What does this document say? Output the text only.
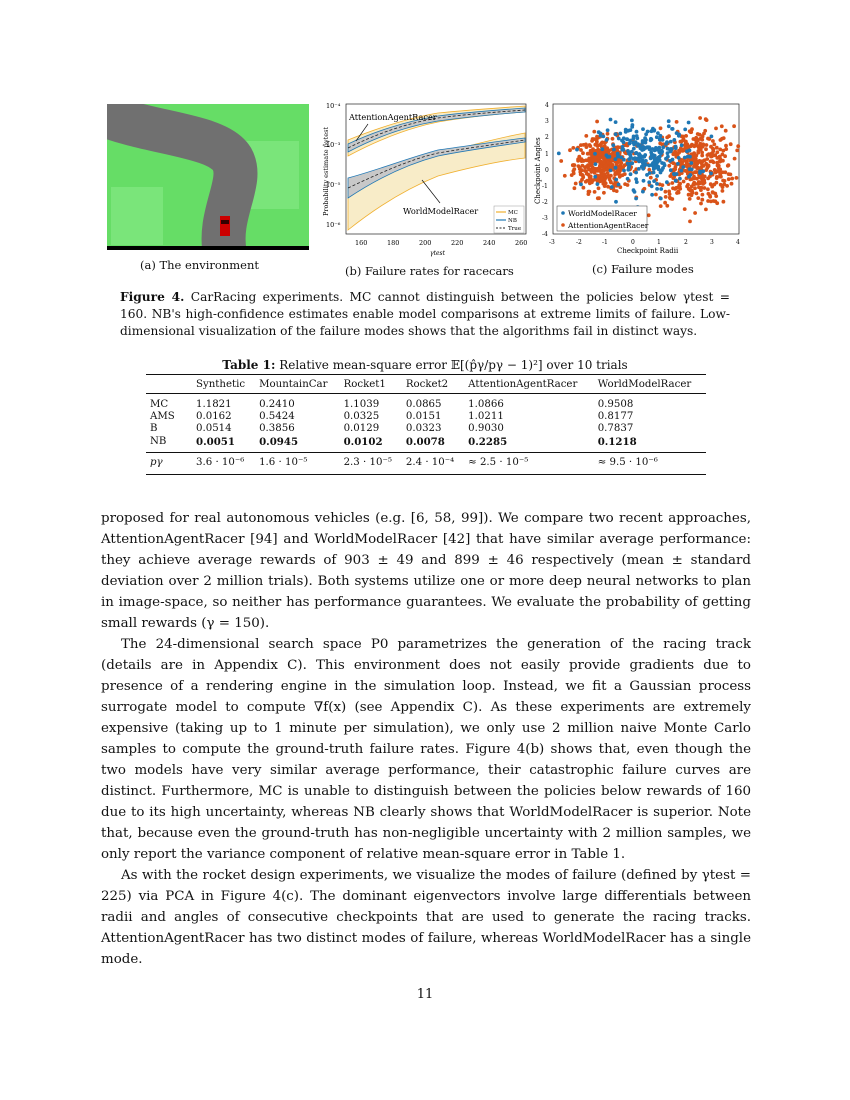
(a) The environment
AttentionAgentRacer
WorldModelRacer	MC
NB
True
10⁻⁴
10⁻³
10⁻⁵
10⁻⁶
160	180	200	220	240	260
γtest
Probability estimate p̂γtest
(b) Failure rates for racecars
WorldModelRacer
AttentionAgentRacer
4
3
2
1
0
-1
-2
-3
-4
-3	-2	-1	0	1	2	3	4
Checkpoint Radii
Checkpoint Angles
(c) Failure modes
Figure 4. CarRacing experiments. MC cannot distinguish between the policies below γtest = 160. NB's high-confidence estimates enable model comparisons at extreme limits of failure. Low-dimensional visualization of the failure modes shows that the algorithms fail in distinct ways.
Table 1: Relative mean-square error 𝔼[(p̂γ/pγ − 1)²] over 10 trials
	Synthetic	MountainCar	Rocket1	Rocket2	AttentionAgentRacer	WorldModelRacer
MC	1.1821	0.2410	1.1039	0.0865	1.0866	0.9508
AMS	0.0162	0.5424	0.0325	0.0151	1.0211	0.8177
B	0.0514	0.3856	0.0129	0.0323	0.9030	0.7837
NB	0.0051	0.0945	0.0102	0.0078	0.2285	0.1218
pγ	3.6 · 10⁻⁶	1.6 · 10⁻⁵	2.3 · 10⁻⁵	2.4 · 10⁻⁴	≈ 2.5 · 10⁻⁵	≈ 9.5 · 10⁻⁶

proposed for real autonomous vehicles (e.g. [6, 58, 99]). We compare two recent approaches, AttentionAgentRacer [94] and WorldModelRacer [42] that have similar average performance: they achieve average rewards of 903 ± 49 and 899 ± 46 respectively (mean ± standard deviation over 2 million trials). Both systems utilize one or more deep neural networks to plan in image-space, so neither has performance guarantees. We evaluate the probability of getting small rewards (γ = 150).

The 24-dimensional search space P0 parametrizes the generation of the racing track (details are in Appendix C). This environment does not easily provide gradients due to presence of a rendering engine in the simulation loop. Instead, we fit a Gaussian process surrogate model to compute ∇f(x) (see Appendix C). As these experiments are extremely expensive (taking up to 1 minute per simulation), we only use 2 million naive Monte Carlo samples to compute the ground-truth failure rates. Figure 4(b) shows that, even though the two models have very similar average performance, their catastrophic failure curves are distinct. Furthermore, MC is unable to distinguish between the policies below rewards of 160 due to its high uncertainty, whereas NB clearly shows that WorldModelRacer is superior. Note that, because even the ground-truth has non-negligible uncertainty with 2 million samples, we only report the variance component of relative mean-square error in Table 1.

As with the rocket design experiments, we visualize the modes of failure (defined by γtest = 225) via PCA in Figure 4(c). The dominant eigenvectors involve large differentials between radii and angles of consecutive checkpoints that are used to generate the racing tracks. AttentionAgentRacer has two distinct modes of failure, whereas WorldModelRacer has a single mode.

11
